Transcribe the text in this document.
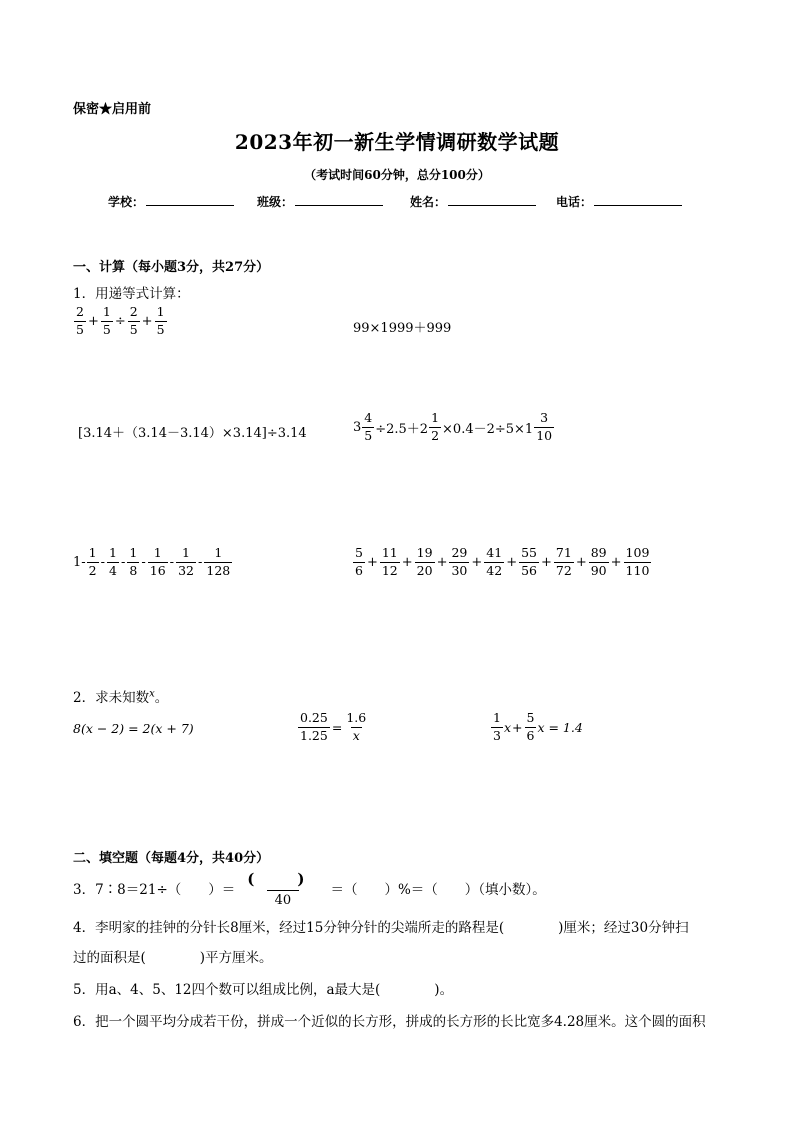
保密★启用前
2023年初一新生学情调研数学试题
（考试时间60分钟，总分100分）
学校：	班级：	姓名：	电话：
一、计算（每小题3分，共27分）
1．用递等式计算：
$\frac{2}{5} + \frac{1}{5} \div \frac{2}{5} + \frac{1}{5}$	99×1999＋999
[3.14＋（3.14－3.14）×3.14]÷3.14	$3 \frac{4}{5} \div 2.5+2 \frac{1}{2} \times 0.4-2\div 5\times 1 \frac{3}{10}$
$1- \frac{1}{2} - \frac{1}{4} - \frac{1}{8} - \frac{1}{16} - \frac{1}{32} - \frac{1}{128}$	$\frac{5}{6} + \frac{11}{12} + \frac{19}{20} + \frac{29}{30} + \frac{41}{42} + \frac{55}{56} + \frac{71}{72} + \frac{89}{90} + \frac{109}{110}$
2．求未知数$^x$。
8(x − 2) = 2(x + 7)	$\frac{0.25}{1.25} = \frac{1.6}{x}$	$\frac{1}{3}$ $x + \frac{5}{6}$ x = 1.4
二、填空题（每题4分，共40分）
3．7∶8＝21÷（　　）＝ $\frac{( )}{40}$ ＝（　　）%＝（　　）（填小数）。
4．李明家的挂钟的分针长8厘米，经过15分钟分针的尖端所走的路程是(　　　　)厘米；经过30分钟扫
过的面积是(　　　　)平方厘米。
5．用a、4、5、12四个数可以组成比例，a最大是(　　　　)。
6．把一个圆平均分成若干份，拼成一个近似的长方形，拼成的长方形的长比宽多4.28厘米。这个圆的面积
